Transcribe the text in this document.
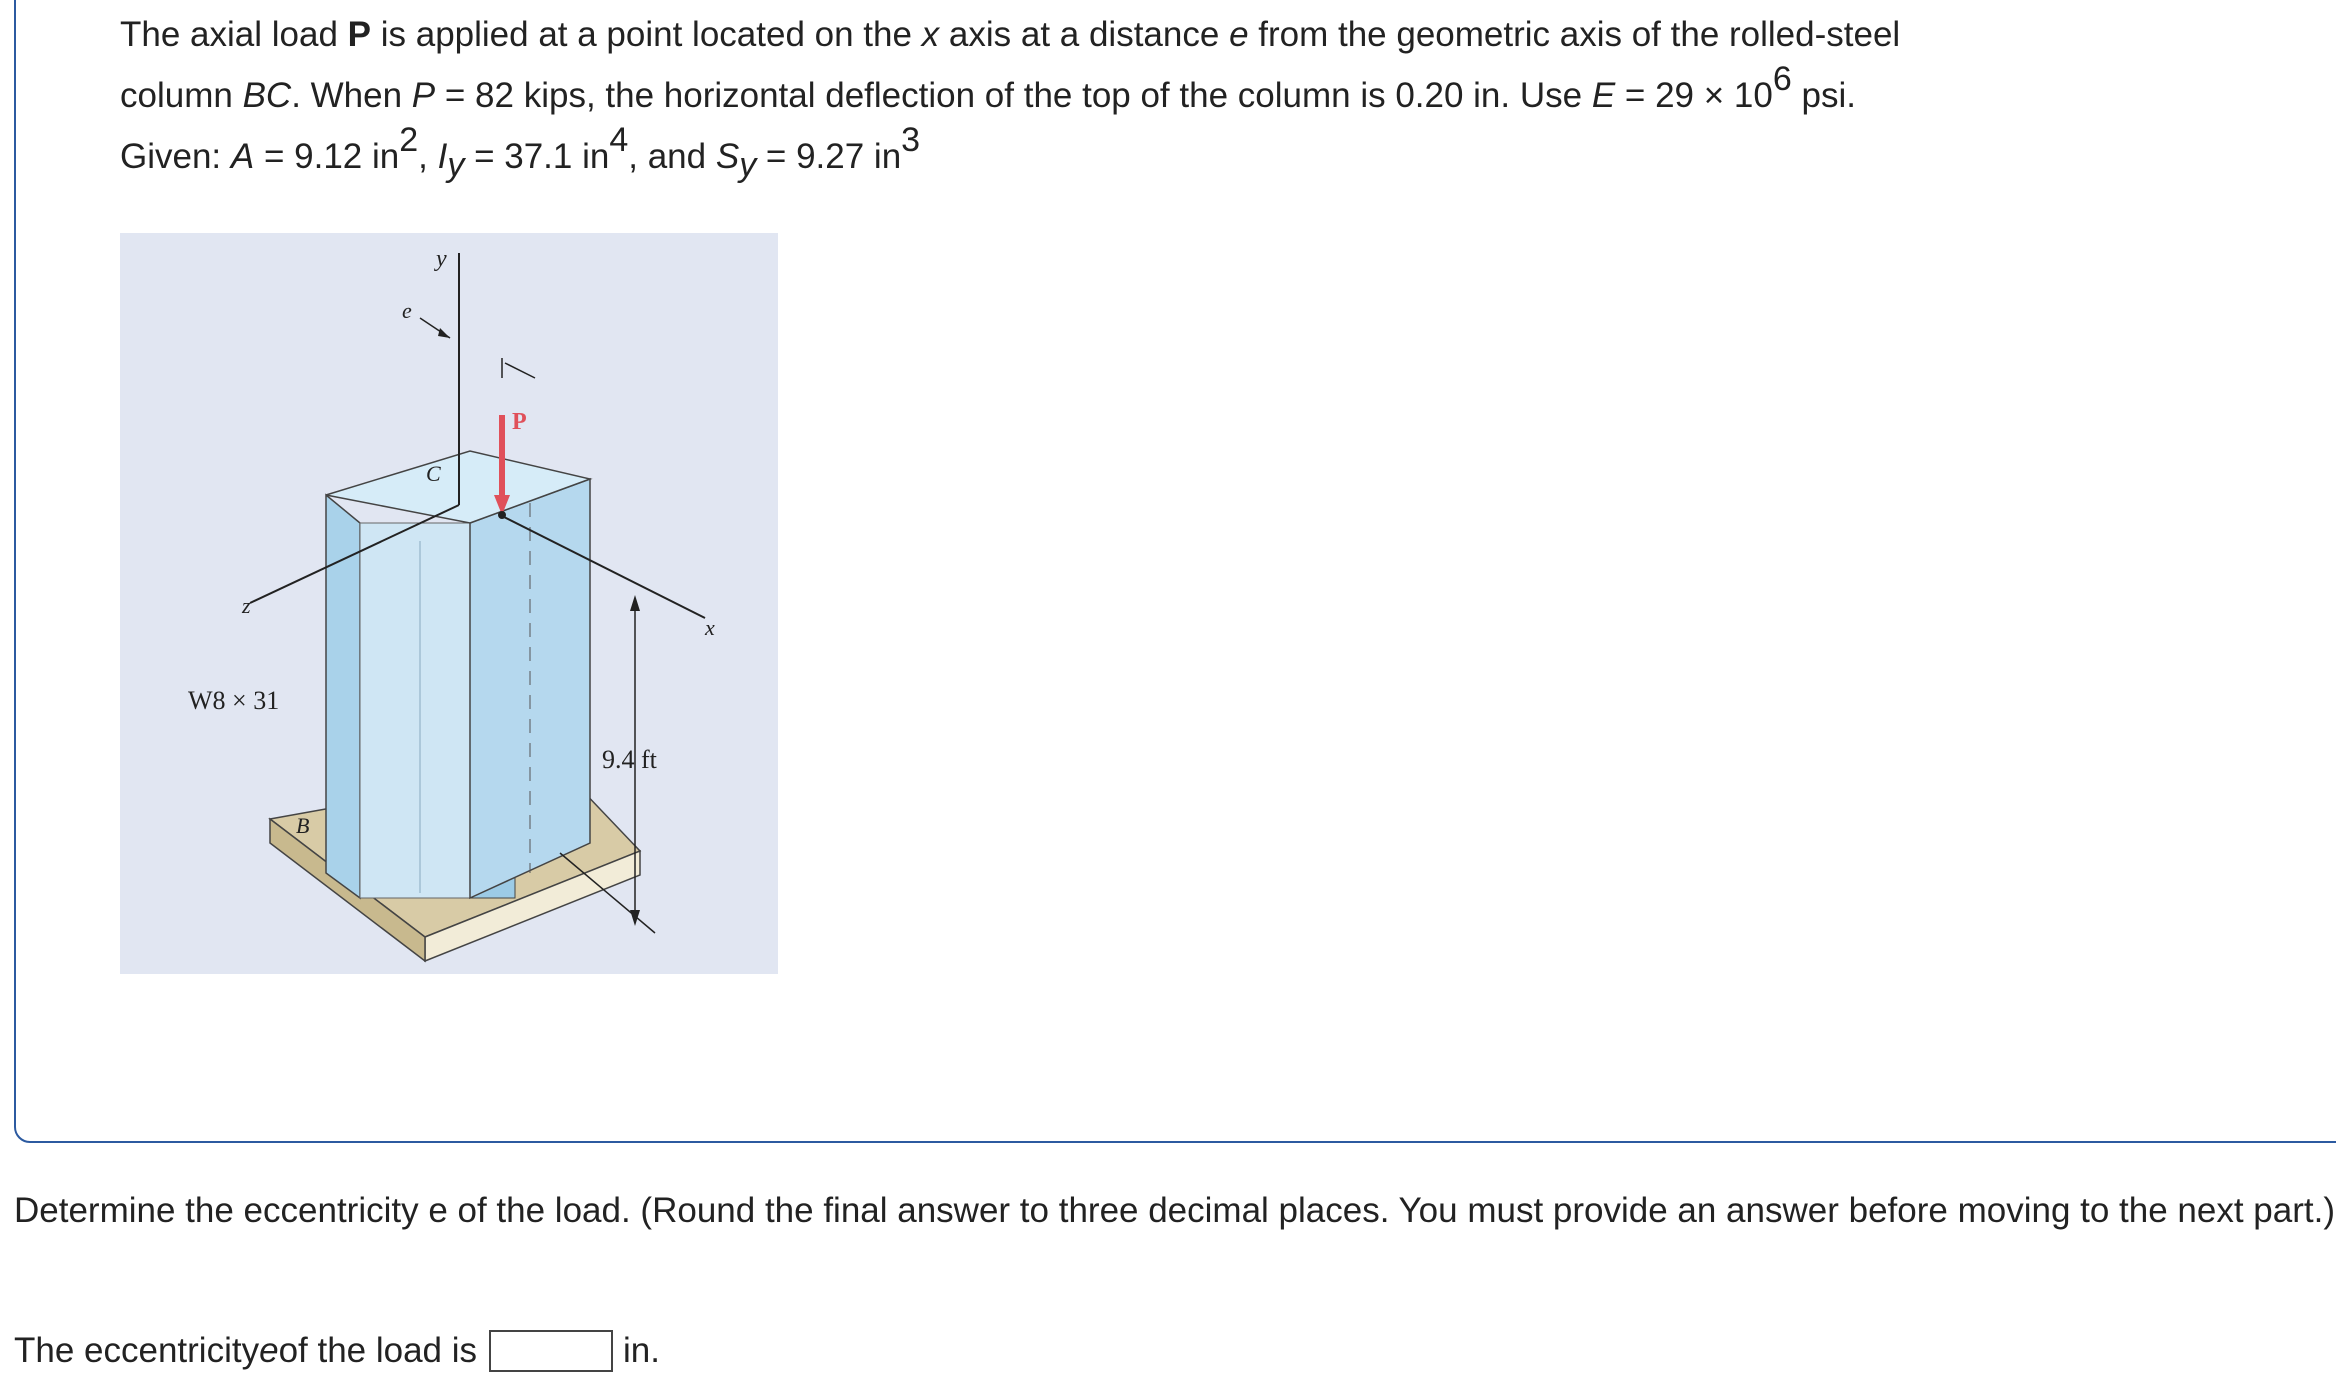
The axial load P is applied at a point located on the x axis at a distance e from the geometric axis of the rolled-steel

column BC. When P = 82 kips, the horizontal deflection of the top of the column is 0.20 in. Use $E = 29 \times 10^6$ psi.

Given: A = 9.12 $in^2$, $I_y = 37.1$ $in^4$, and $S_y = 9.27$ $in^3$

y
e
P
C
z
x
W8 × 31
9.4 ft
B

Determine the eccentricity e of the load. (Round the final answer to three decimal places. You must provide an answer before moving to the next part.)

The eccentricity e of the load is	in.
